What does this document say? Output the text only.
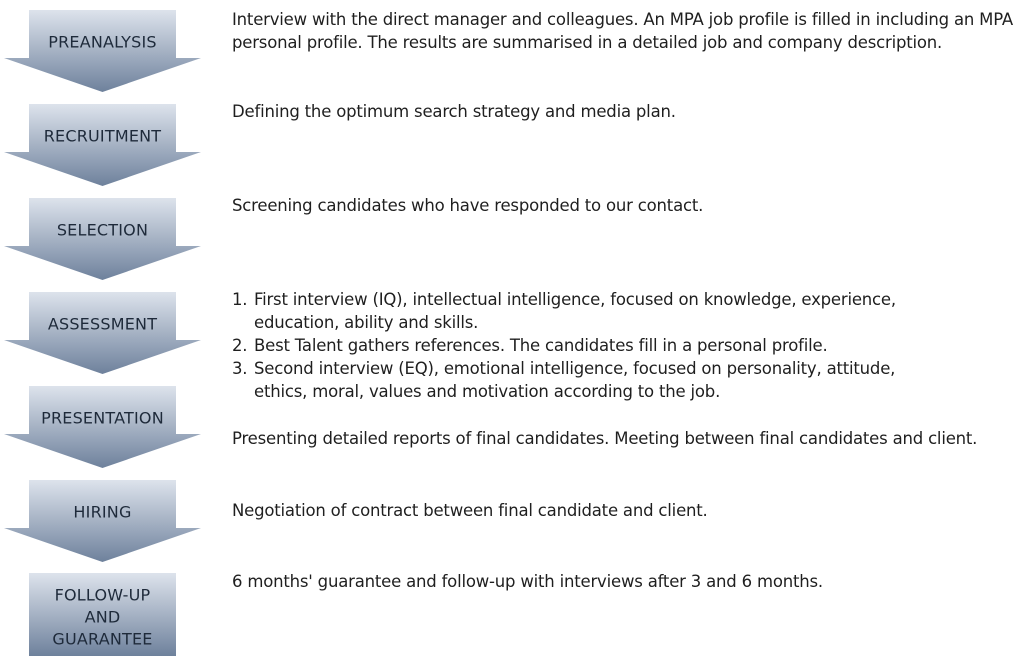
PREANALYSIS
RECRUITMENT
SELECTION
ASSESSMENT
PRESENTATION
HIRING
FOLLOW-UP
AND
GUARANTEE

Interview with the direct manager and colleagues. An MPA job profile is filled in including an MPA personal profile. The results are summarised in a detailed job and company description.

Defining the optimum search strategy and media plan.

Screening candidates who have responded to our contact.

1. First interview (IQ), intellectual intelligence, focused on knowledge, experience, education, ability and skills.
2. Best Talent gathers references. The candidates fill in a personal profile.
3. Second interview (EQ), emotional intelligence, focused on personality, attitude, ethics, moral, values and motivation according to the job.

Presenting detailed reports of final candidates. Meeting between final candidates and client.

Negotiation of contract between final candidate and client.

6 months' guarantee and follow-up with interviews after 3 and 6 months.
